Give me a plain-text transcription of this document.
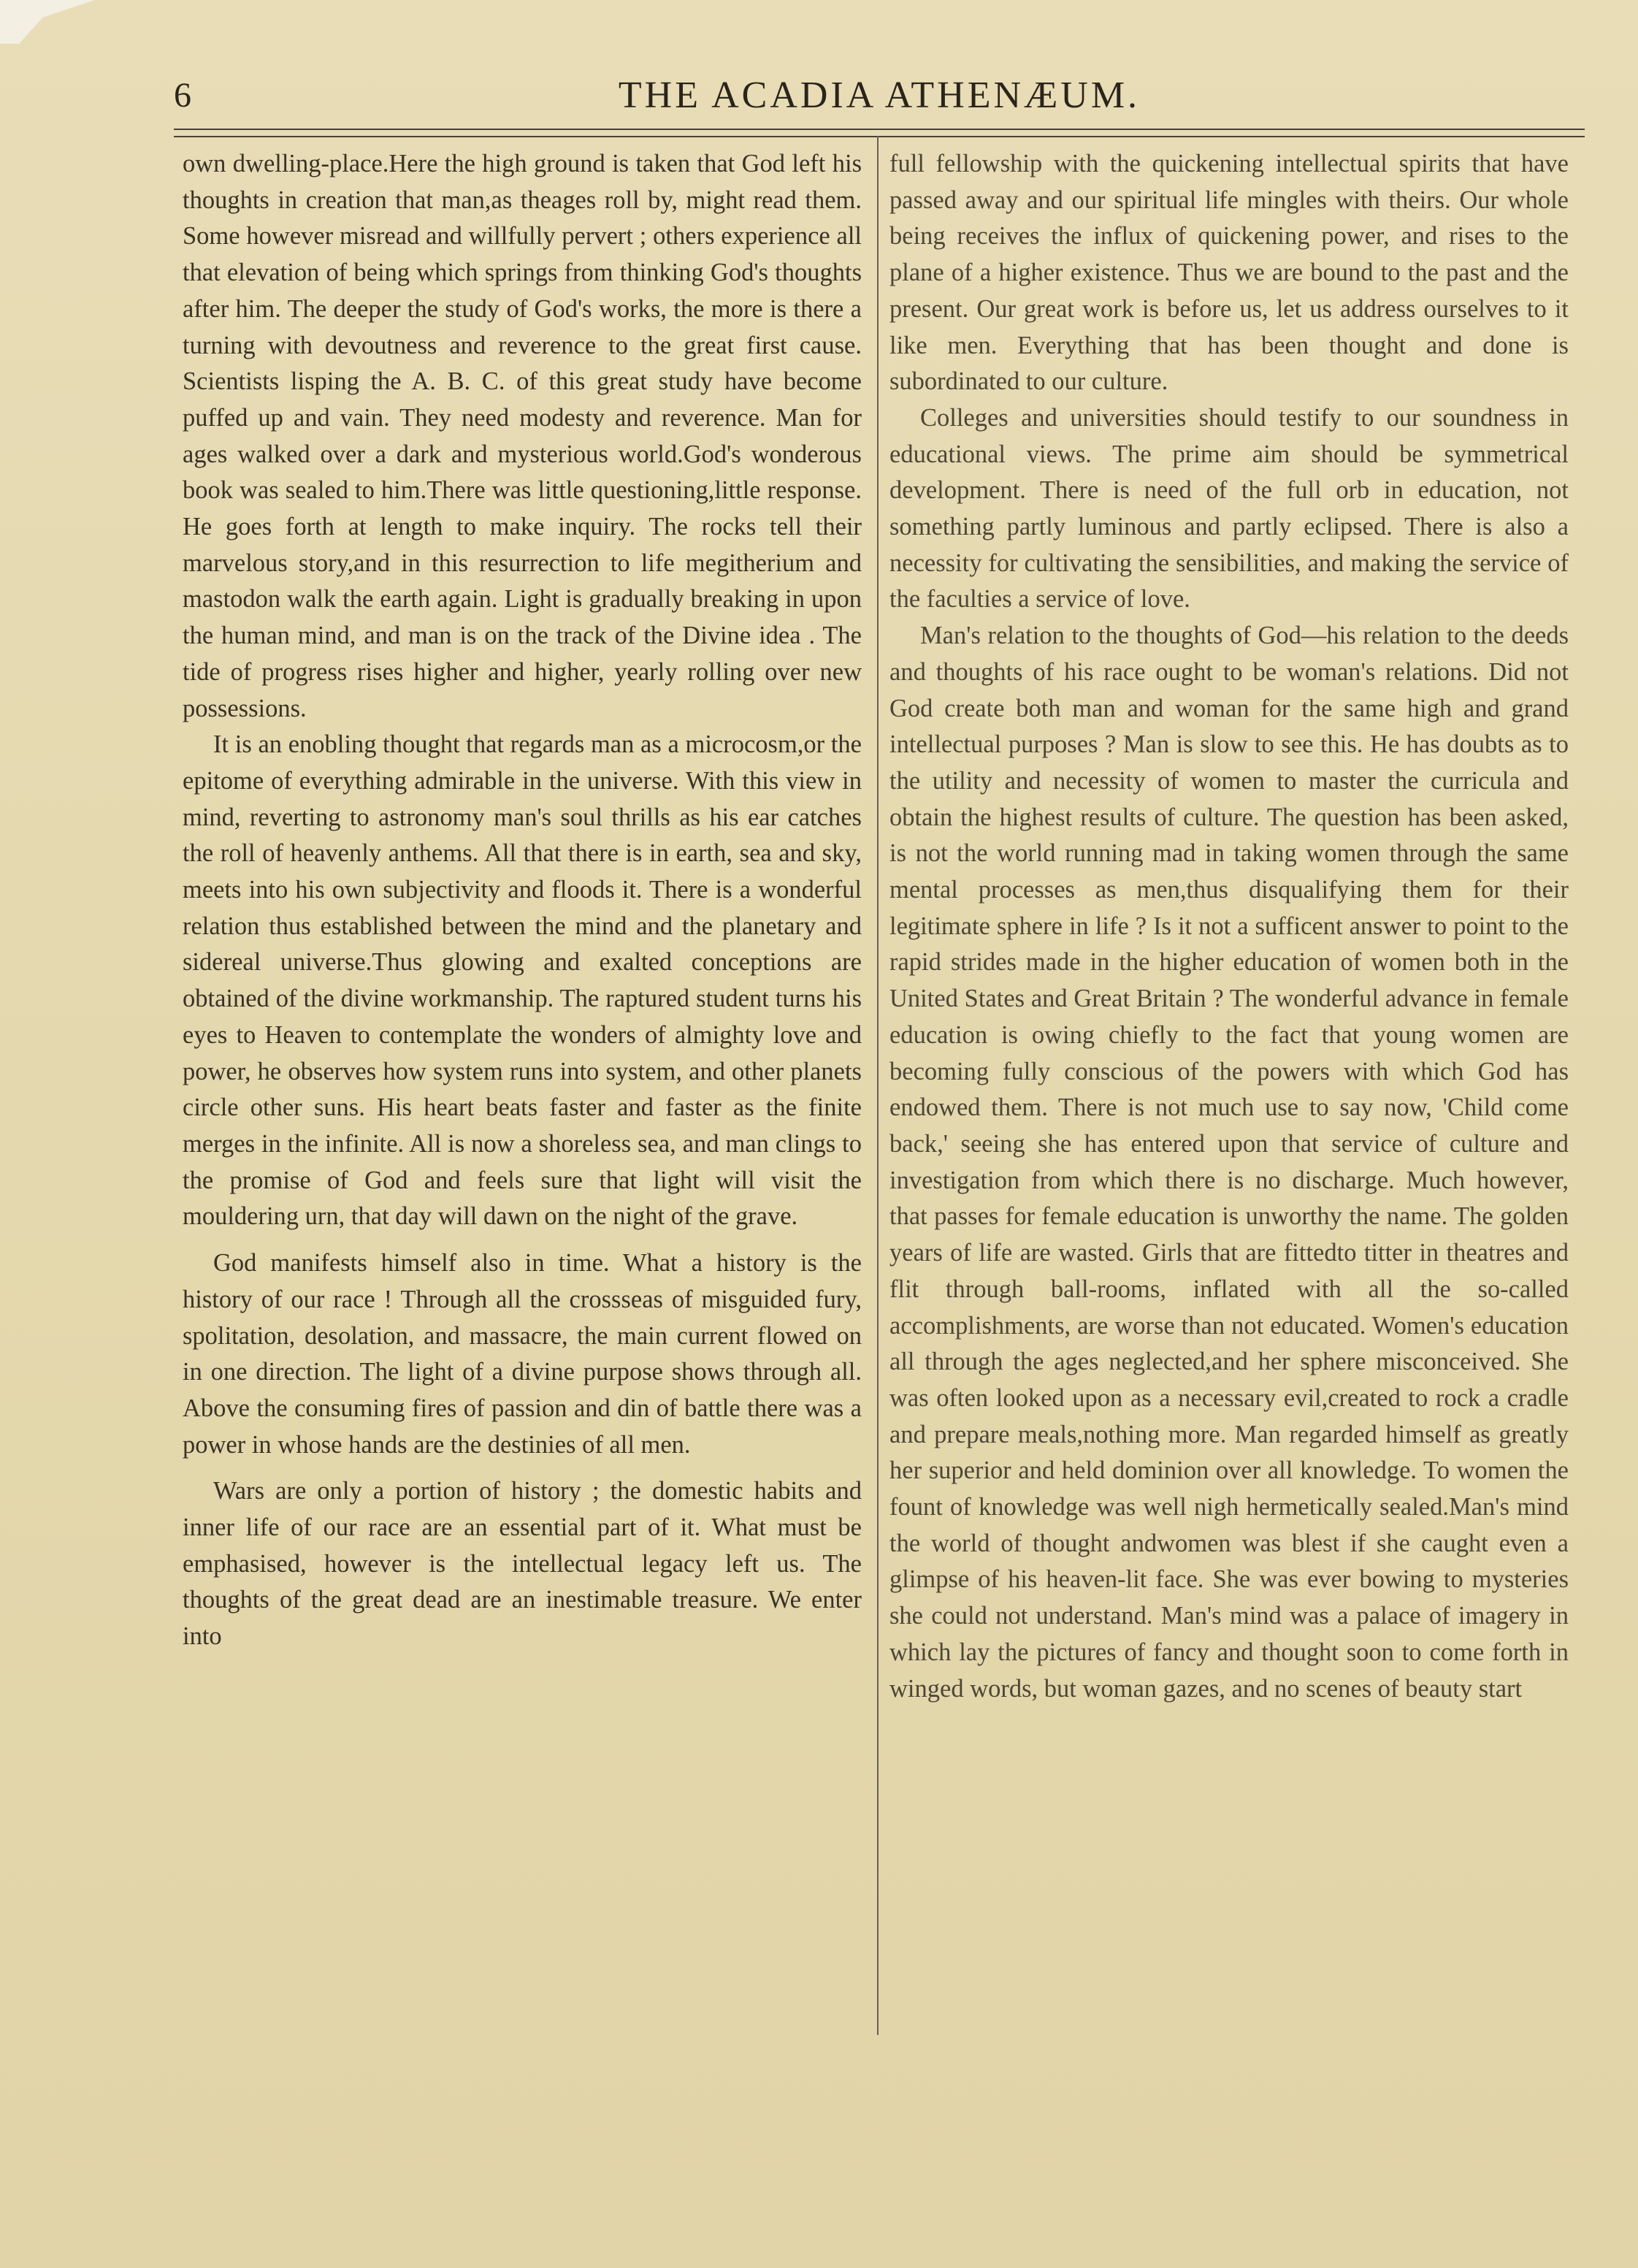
6	THE ACADIA ATHENÆUM.

own dwelling-place.Here the high ground is taken that God left his thoughts in creation that man,as theages roll by, might read them. Some however misread and willfully pervert ; others experience all that elevation of being which springs from thinking God's thoughts after him. The deeper the study of God's works, the more is there a turning with devoutness and reverence to the great first cause. Scientists lisping the A. B. C. of this great study have become puffed up and vain. They need modesty and reverence. Man for ages walked over a dark and mysterious world.God's wonderous book was sealed to him.There was little questioning,little response. He goes forth at length to make inquiry. The rocks tell their marvelous story,and in this resurrection to life megitherium and mastodon walk the earth again. Light is gradually breaking in upon the human mind, and man is on the track of the Divine idea . The tide of progress rises higher and higher, yearly rolling over new possessions.

It is an enobling thought that regards man as a microcosm,or the epitome of everything admirable in the universe. With this view in mind, reverting to astronomy man's soul thrills as his ear catches the roll of heavenly anthems. All that there is in earth, sea and sky, meets into his own subjectivity and floods it. There is a wonderful relation thus established between the mind and the planetary and sidereal universe.Thus glowing and exalted conceptions are obtained of the divine workmanship. The raptured student turns his eyes to Heaven to contemplate the wonders of almighty love and power, he observes how system runs into system, and other planets circle other suns. His heart beats faster and faster as the finite merges in the infinite. All is now a shoreless sea, and man clings to the promise of God and feels sure that light will visit the mouldering urn, that day will dawn on the night of the grave.

God manifests himself also in time. What a history is the history of our race ! Through all the crossseas of misguided fury, spolitation, desolation, and massacre, the main current flowed on in one direction. The light of a divine purpose shows through all. Above the consuming fires of passion and din of battle there was a power in whose hands are the destinies of all men.

Wars are only a portion of history ; the domestic habits and inner life of our race are an essential part of it. What must be emphasised, however is the intellectual legacy left us. The thoughts of the great dead are an inestimable treasure. We enter into

full fellowship with the quickening intellectual spirits that have passed away and our spiritual life mingles with theirs. Our whole being receives the influx of quickening power, and rises to the plane of a higher existence. Thus we are bound to the past and the present. Our great work is before us, let us address ourselves to it like men. Everything that has been thought and done is subordinated to our culture.

Colleges and universities should testify to our soundness in educational views. The prime aim should be symmetrical development. There is need of the full orb in education, not something partly luminous and partly eclipsed. There is also a necessity for cultivating the sensibilities, and making the service of the faculties a service of love.

Man's relation to the thoughts of God—his relation to the deeds and thoughts of his race ought to be woman's relations. Did not God create both man and woman for the same high and grand intellectual purposes ? Man is slow to see this. He has doubts as to the utility and necessity of women to master the curricula and obtain the highest results of culture. The question has been asked, is not the world running mad in taking women through the same mental processes as men,thus disqualifying them for their legitimate sphere in life ? Is it not a sufficent answer to point to the rapid strides made in the higher education of women both in the United States and Great Britain ? The wonderful advance in female education is owing chiefly to the fact that young women are becoming fully conscious of the powers with which God has endowed them. There is not much use to say now, 'Child come back,' seeing she has entered upon that service of culture and investigation from which there is no discharge. Much however, that passes for female education is unworthy the name. The golden years of life are wasted. Girls that are fittedto titter in theatres and flit through ball-rooms, inflated with all the so-called accomplishments, are worse than not educated. Women's education all through the ages neglected,and her sphere misconceived. She was often looked upon as a necessary evil,created to rock a cradle and prepare meals,nothing more. Man regarded himself as greatly her superior and held dominion over all knowledge. To women the fount of knowledge was well nigh hermetically sealed.Man's mind the world of thought andwomen was blest if she caught even a glimpse of his heaven-lit face. She was ever bowing to mysteries she could not understand. Man's mind was a palace of imagery in which lay the pictures of fancy and thought soon to come forth in winged words, but woman gazes, and no scenes of beauty start
